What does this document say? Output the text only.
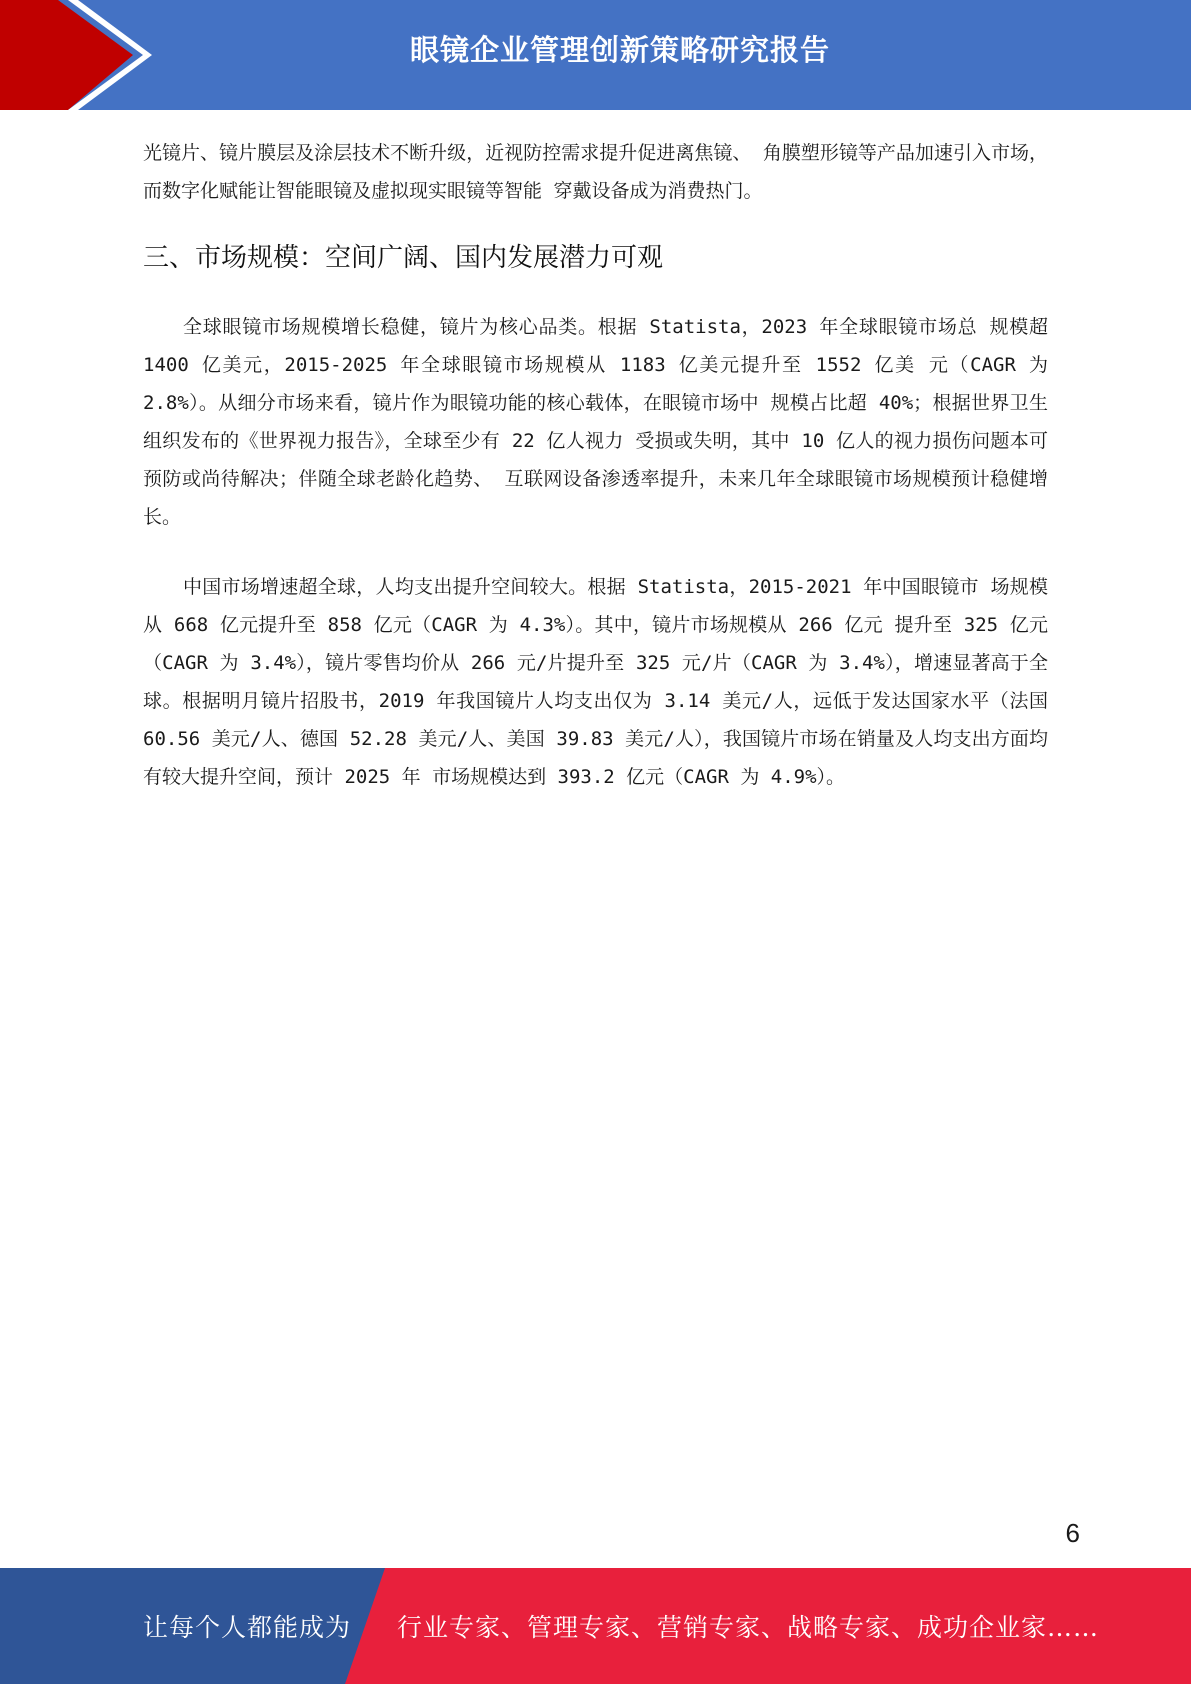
眼镜企业管理创新策略研究报告

光镜片、镜片膜层及涂层技术不断升级，近视防控需求提升促进离焦镜、 角膜塑形镜等产品加速引入市场，而数字化赋能让智能眼镜及虚拟现实眼镜等智能 穿戴设备成为消费热门。

三、市场规模：空间广阔、国内发展潜力可观

全球眼镜市场规模增长稳健，镜片为核心品类。根据 Statista，2023 年全球眼镜市场总 规模超 1400 亿美元，2015-2025 年全球眼镜市场规模从 1183 亿美元提升至 1552 亿美 元（CAGR 为 2.8%）。从细分市场来看，镜片作为眼镜功能的核心载体，在眼镜市场中 规模占比超 40%；根据世界卫生组织发布的《世界视力报告》，全球至少有 22 亿人视力 受损或失明，其中 10 亿人的视力损伤问题本可预防或尚待解决；伴随全球老龄化趋势、 互联网设备渗透率提升，未来几年全球眼镜市场规模预计稳健增长。

中国市场增速超全球，人均支出提升空间较大。根据 Statista，2015-2021 年中国眼镜市 场规模从 668 亿元提升至 858 亿元（CAGR 为 4.3%）。其中，镜片市场规模从 266 亿元 提升至 325 亿元（CAGR 为 3.4%），镜片零售均价从 266 元/片提升至 325 元/片（CAGR 为 3.4%），增速显著高于全球。根据明月镜片招股书，2019 年我国镜片人均支出仅为 3.14 美元/人，远低于发达国家水平（法国 60.56 美元/人、德国 52.28 美元/人、美国 39.83 美元/人），我国镜片市场在销量及人均支出方面均有较大提升空间，预计 2025 年 市场规模达到 393.2 亿元（CAGR 为 4.9%）。

6
让每个人都能成为 行业专家、管理专家、营销专家、战略专家、成功企业家……
